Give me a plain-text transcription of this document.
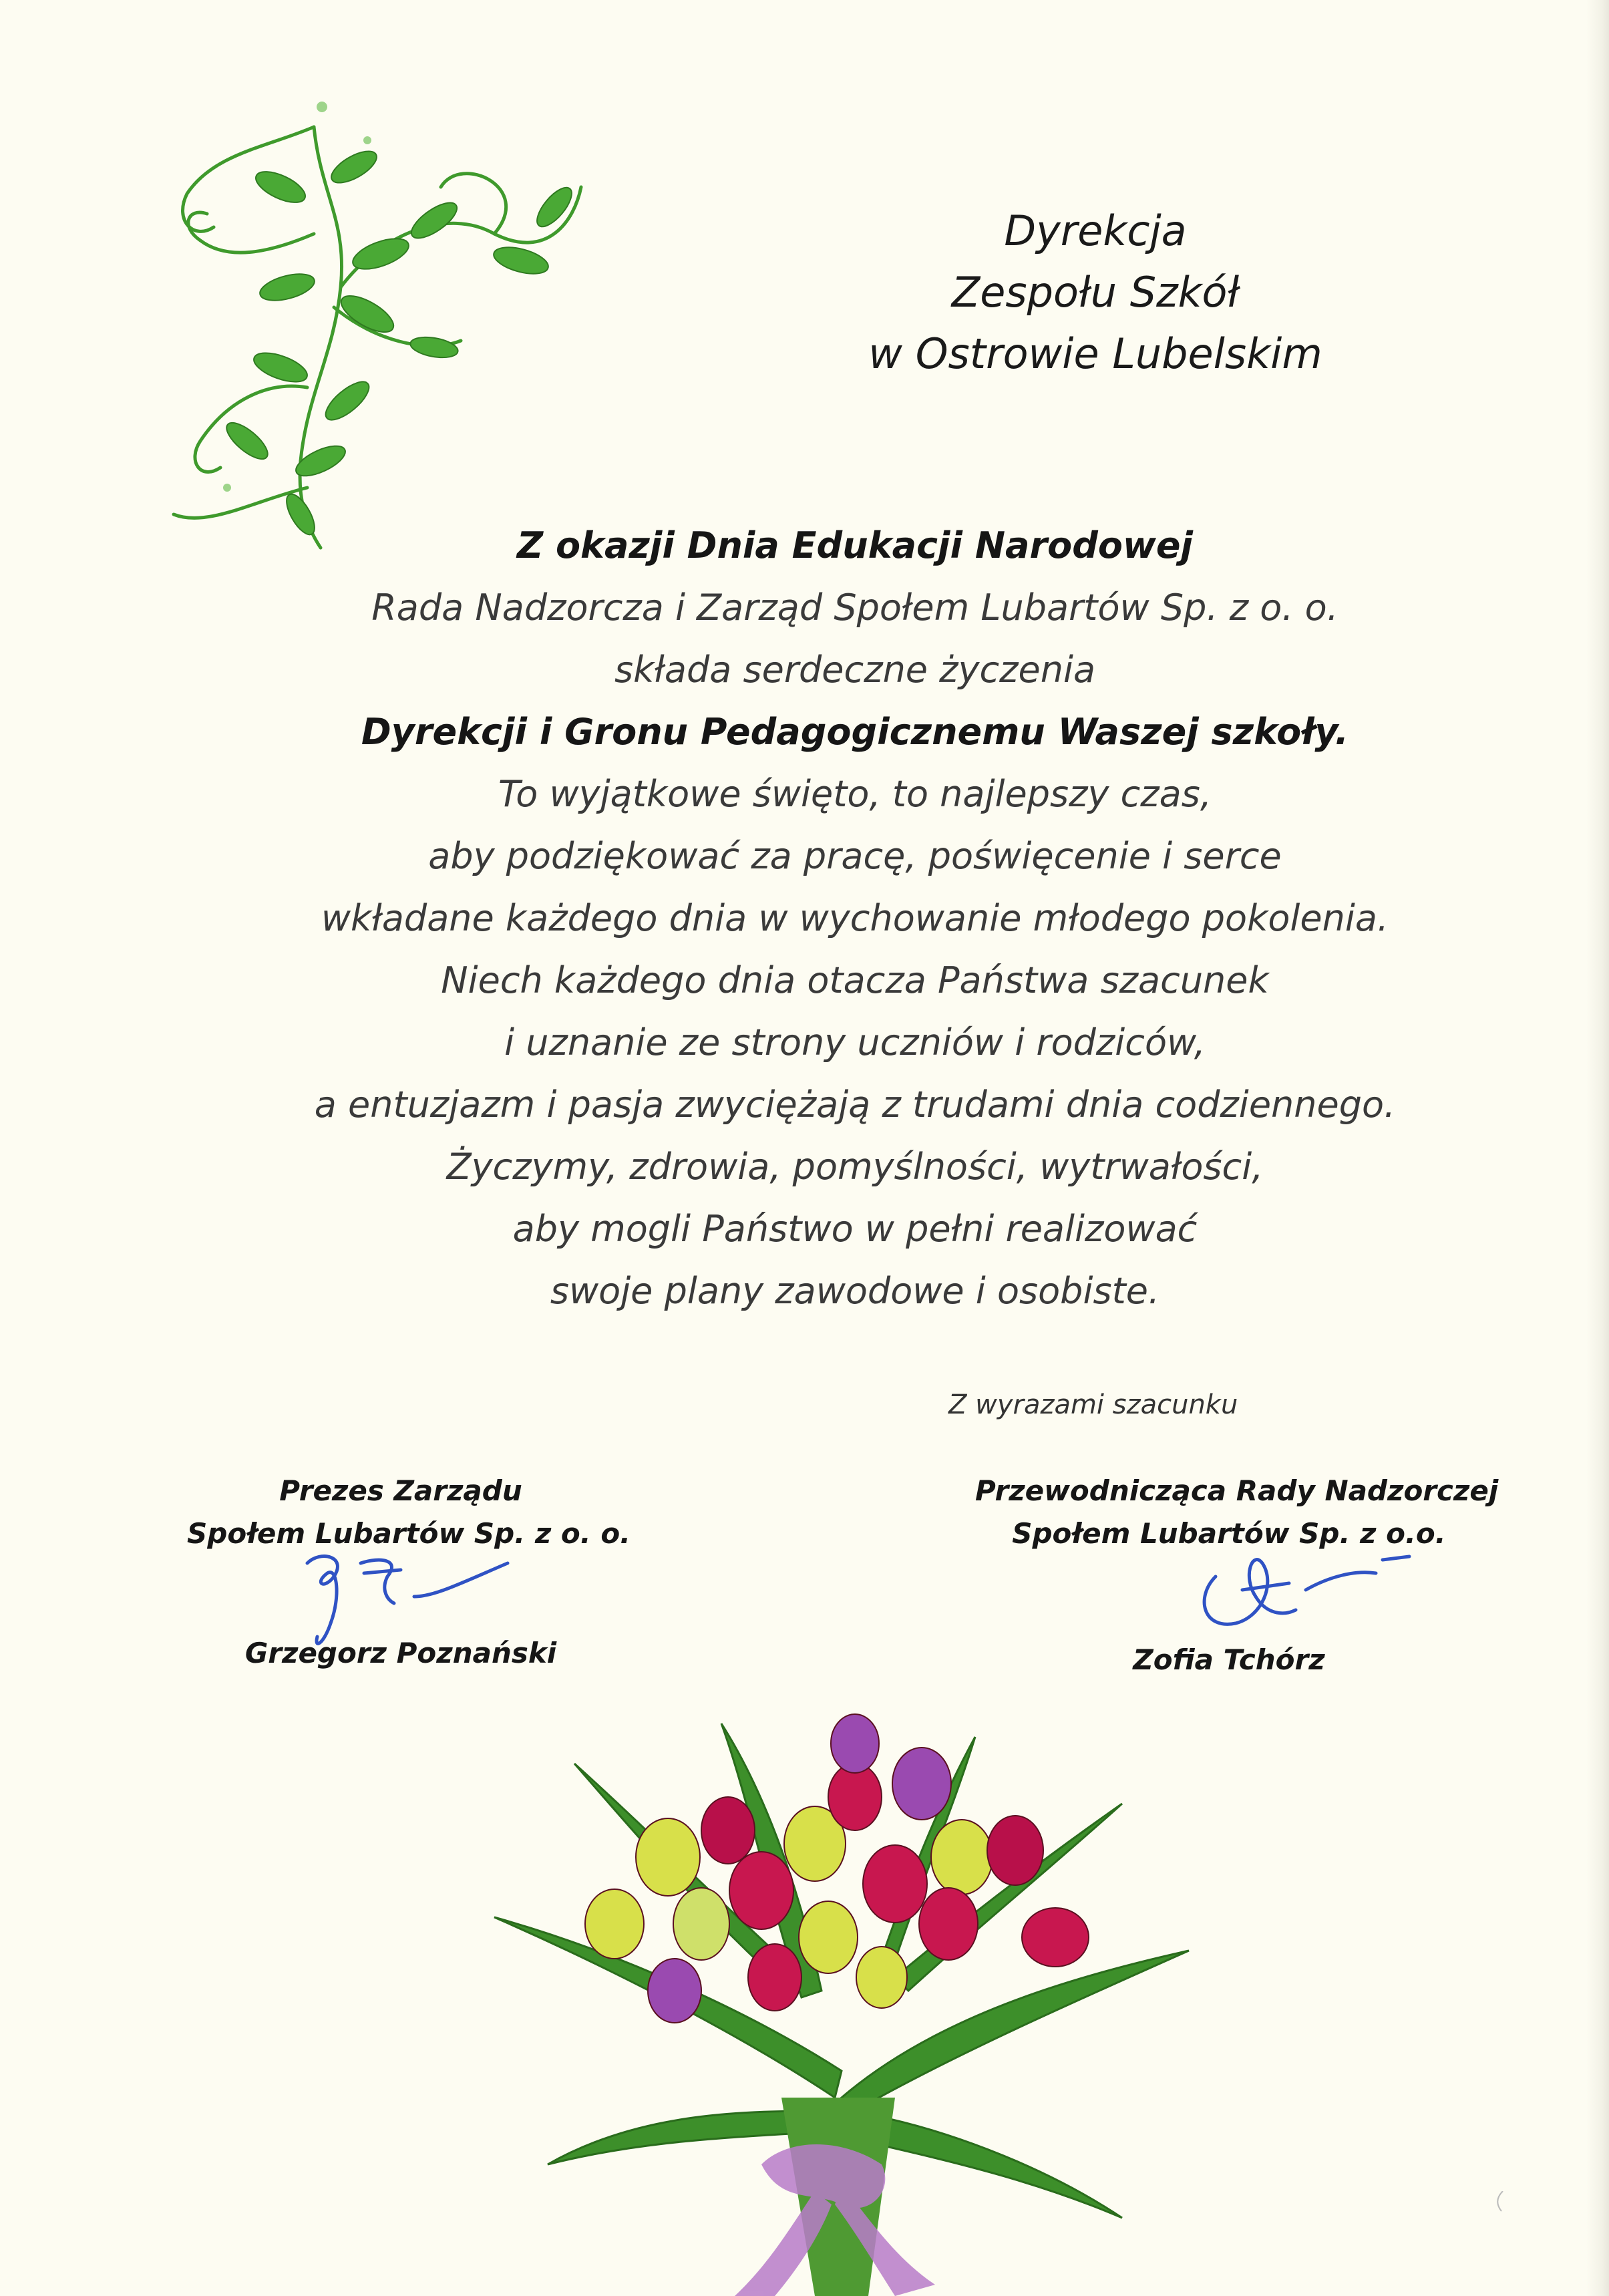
Dyrekcja
Zespołu Szkół
w Ostrowie Lubelskim
Z okazji Dnia Edukacji Narodowej
Rada Nadzorcza i Zarząd Społem Lubartów Sp. z o. o.
składa serdeczne życzenia
Dyrekcji i Gronu Pedagogicznemu Waszej szkoły.
To wyjątkowe święto, to najlepszy czas,
aby podziękować za pracę, poświęcenie i serce
wkładane każdego dnia w wychowanie młodego pokolenia.
Niech każdego dnia otacza Państwa szacunek
i uznanie ze strony uczniów i rodziców,
a entuzjazm i pasja zwyciężają z trudami dnia codziennego.
Życzymy, zdrowia, pomyślności, wytrwałości,
aby mogli Państwo w pełni realizować
swoje plany zawodowe i osobiste.
Z wyrazami szacunku
Prezes Zarządu
Społem Lubartów Sp. z o. o.
Grzegorz Poznański
Przewodnicząca Rady Nadzorczej
Społem Lubartów Sp. z o.o.
Zofia Tchórz
